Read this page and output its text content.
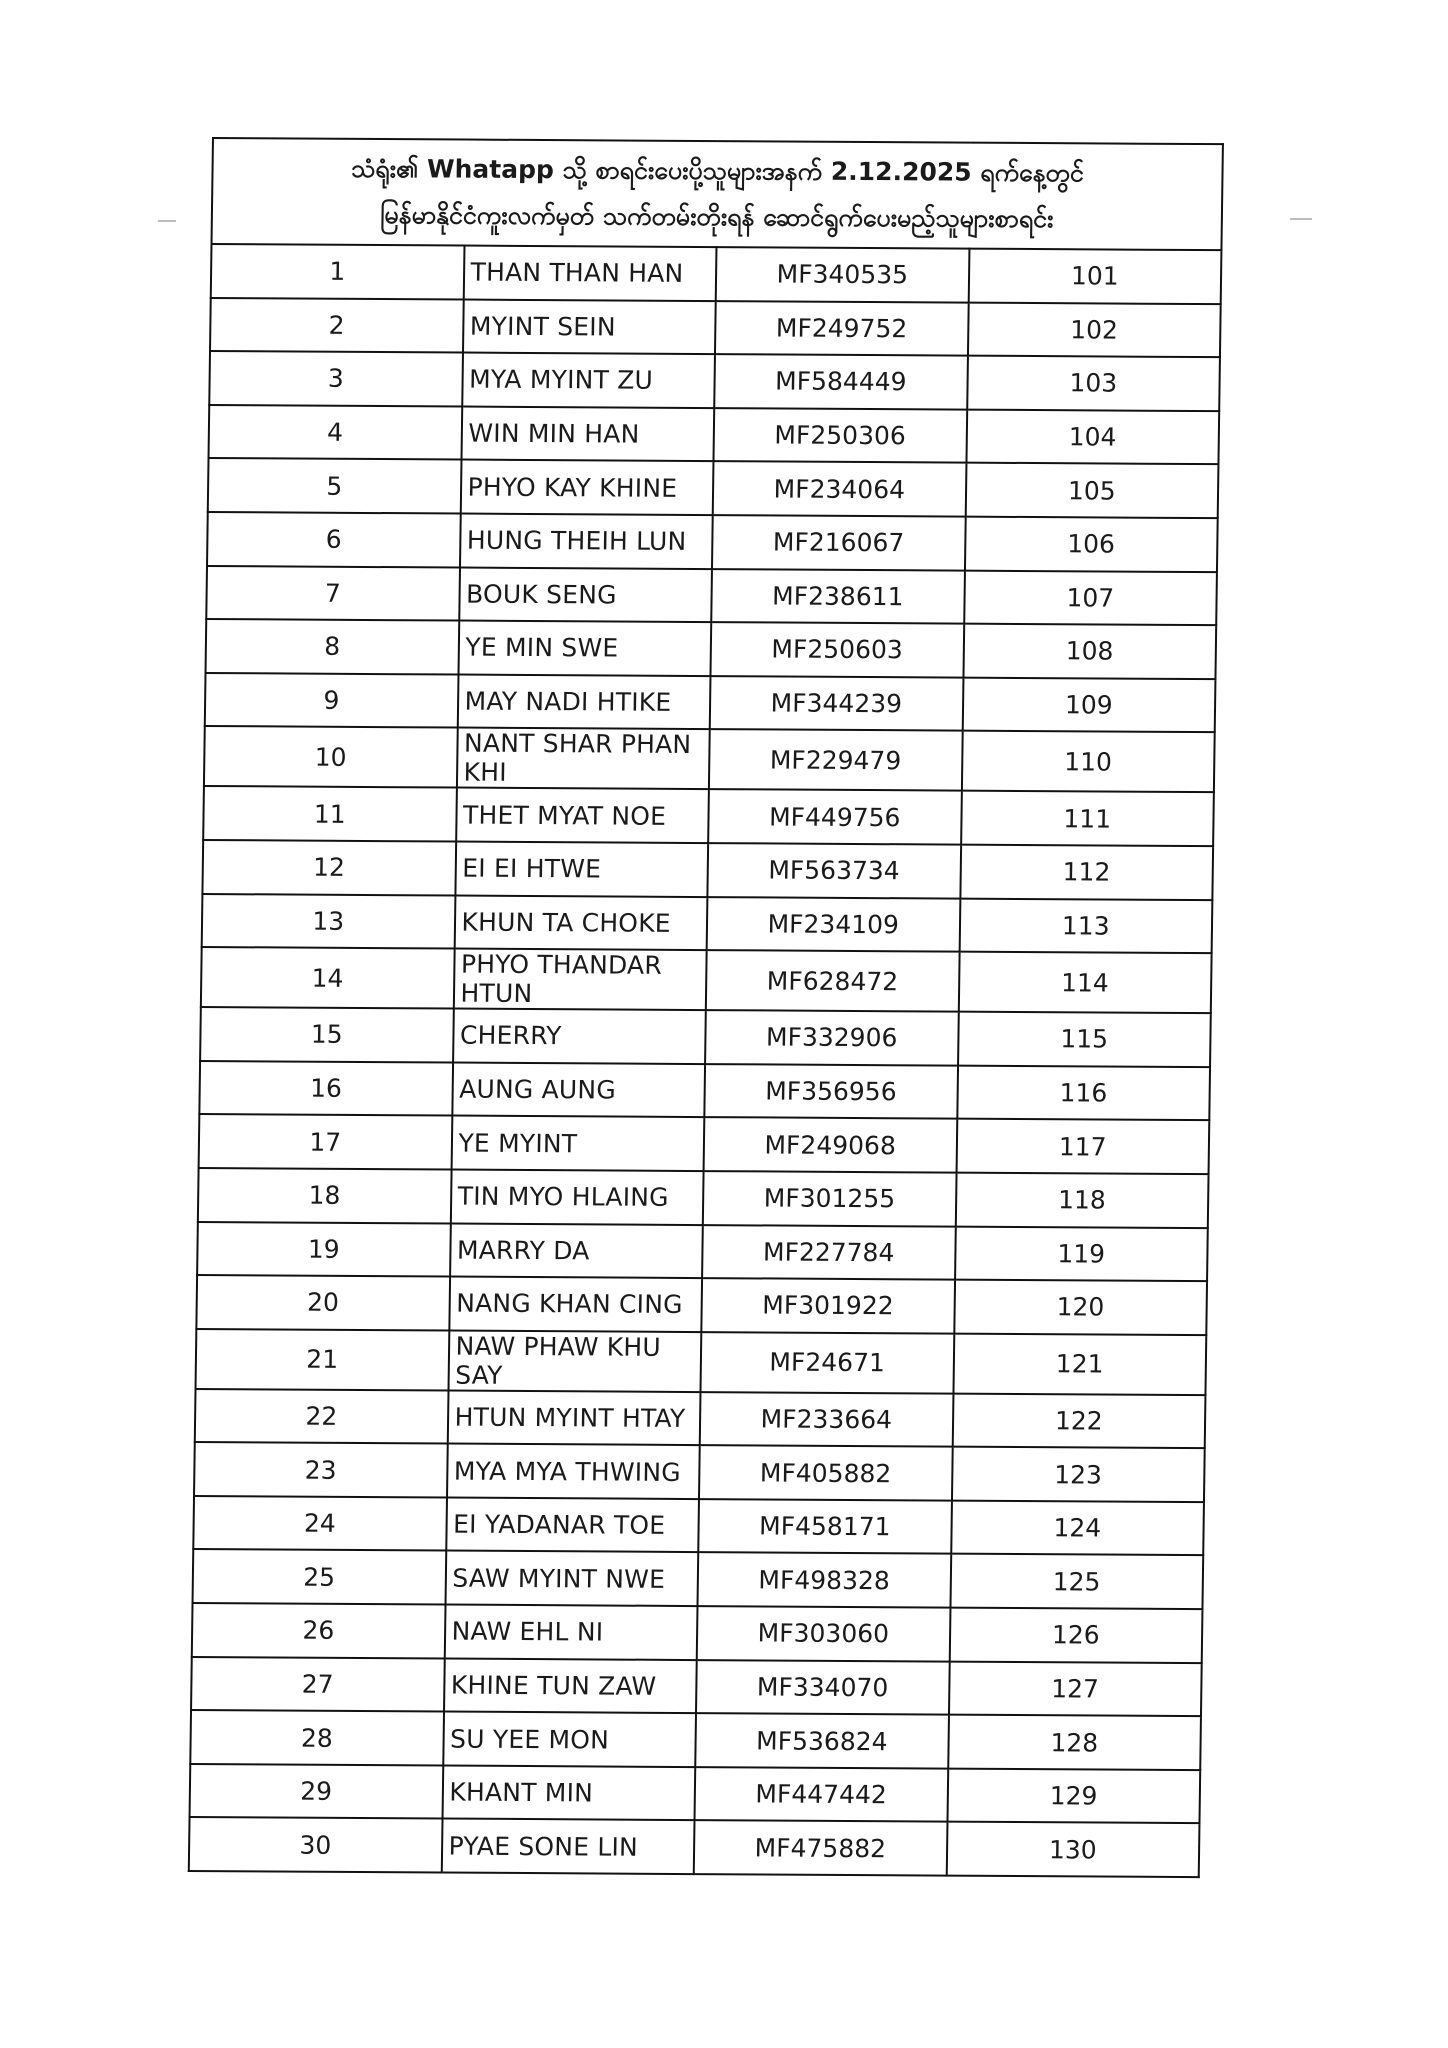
သံရုံး၏ Whatapp သို့ စာရင်းပေးပို့သူများအနက် 2.12.2025 ရက်နေ့တွင်
မြန်မာနိုင်ငံကူးလက်မှတ် သက်တမ်းတိုးရန် ဆောင်ရွက်ပေးမည့်သူများစာရင်း			

1	THAN THAN HAN	MF340535	101
2	MYINT SEIN	MF249752	102
3	MYA MYINT ZU	MF584449	103
4	WIN MIN HAN	MF250306	104
5	PHYO KAY KHINE	MF234064	105
6	HUNG THEIH LUN	MF216067	106
7	BOUK SENG	MF238611	107
8	YE MIN SWE	MF250603	108
9	MAY NADI HTIKE	MF344239	109
10	NANT SHAR PHAN KHI	MF229479	110
11	THET MYAT NOE	MF449756	111
12	EI EI HTWE	MF563734	112
13	KHUN TA CHOKE	MF234109	113
14	PHYO THANDAR HTUN	MF628472	114
15	CHERRY	MF332906	115
16	AUNG AUNG	MF356956	116
17	YE MYINT	MF249068	117
18	TIN MYO HLAING	MF301255	118
19	MARRY DA	MF227784	119
20	NANG KHAN CING	MF301922	120
21	NAW PHAW KHU SAY	MF24671	121
22	HTUN MYINT HTAY	MF233664	122
23	MYA MYA THWING	MF405882	123
24	EI YADANAR TOE	MF458171	124
25	SAW MYINT NWE	MF498328	125
26	NAW EHL NI	MF303060	126
27	KHINE TUN ZAW	MF334070	127
28	SU YEE MON	MF536824	128
29	KHANT MIN	MF447442	129
30	PYAE SONE LIN	MF475882	130
